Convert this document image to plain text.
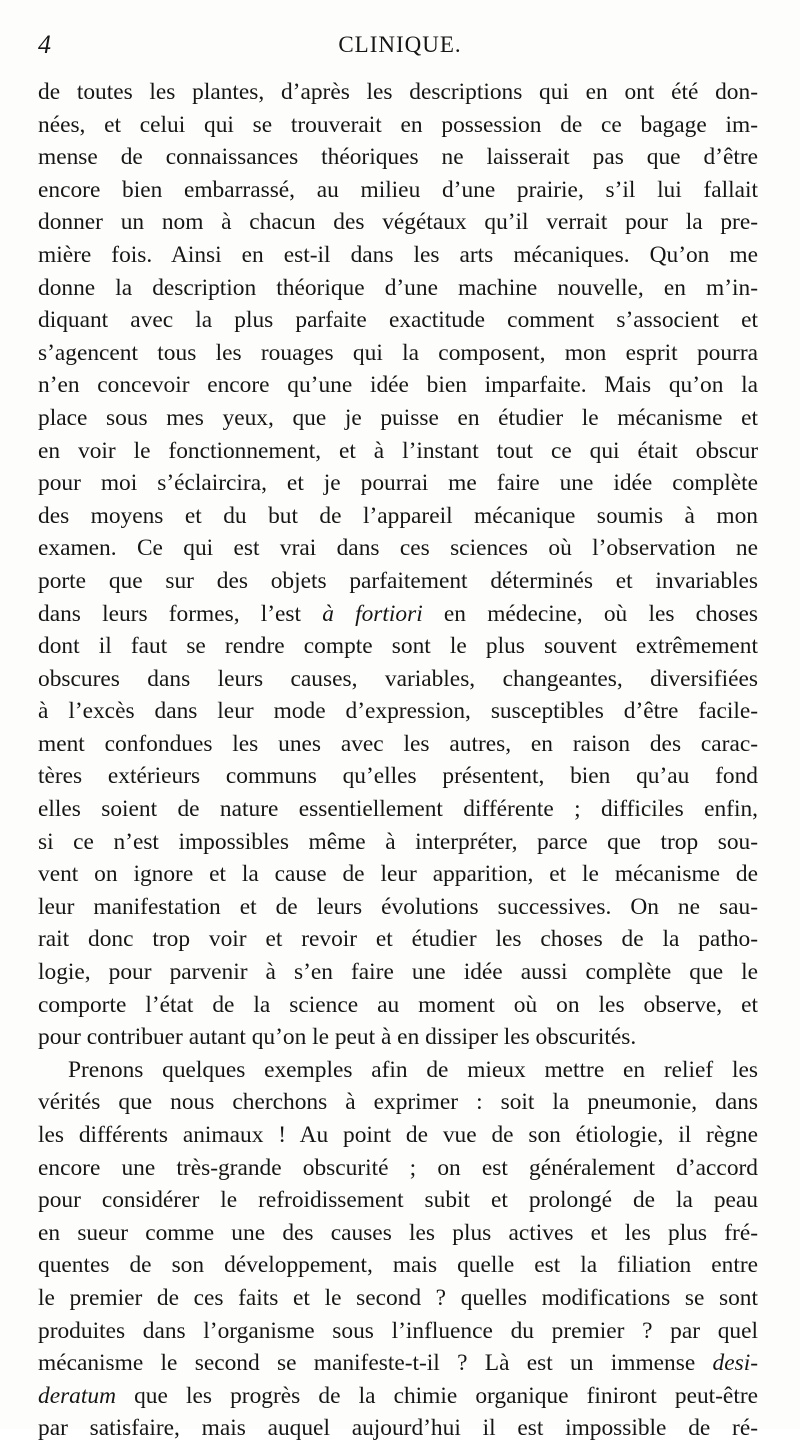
4	CLINIQUE.
de toutes les plantes, d’après les descriptions qui en ont été don-
nées, et celui qui se trouverait en possession de ce bagage im-
mense de connaissances théoriques ne laisserait pas que d’être
encore bien embarrassé, au milieu d’une prairie, s’il lui fallait
donner un nom à chacun des végétaux qu’il verrait pour la pre-
mière fois. Ainsi en est-il dans les arts mécaniques. Qu’on me
donne la description théorique d’une machine nouvelle, en m’in-
diquant avec la plus parfaite exactitude comment s’associent et
s’agencent tous les rouages qui la composent, mon esprit pourra
n’en concevoir encore qu’une idée bien imparfaite. Mais qu’on la
place sous mes yeux, que je puisse en étudier le mécanisme et
en voir le fonctionnement, et à l’instant tout ce qui était obscur
pour moi s’éclaircira, et je pourrai me faire une idée complète
des moyens et du but de l’appareil mécanique soumis à mon
examen. Ce qui est vrai dans ces sciences où l’observation ne
porte que sur des objets parfaitement déterminés et invariables
dans leurs formes, l’est à fortiori en médecine, où les choses
dont il faut se rendre compte sont le plus souvent extrêmement
obscures dans leurs causes, variables, changeantes, diversifiées
à l’excès dans leur mode d’expression, susceptibles d’être facile-
ment confondues les unes avec les autres, en raison des carac-
tères extérieurs communs qu’elles présentent, bien qu’au fond
elles soient de nature essentiellement différente ; difficiles enfin,
si ce n’est impossibles même à interpréter, parce que trop sou-
vent on ignore et la cause de leur apparition, et le mécanisme de
leur manifestation et de leurs évolutions successives. On ne sau-
rait donc trop voir et revoir et étudier les choses de la patho-
logie, pour parvenir à s’en faire une idée aussi complète que le
comporte l’état de la science au moment où on les observe, et
pour contribuer autant qu’on le peut à en dissiper les obscurités.
Prenons quelques exemples afin de mieux mettre en relief les
vérités que nous cherchons à exprimer : soit la pneumonie, dans
les différents animaux ! Au point de vue de son étiologie, il règne
encore une très-grande obscurité ; on est généralement d’accord
pour considérer le refroidissement subit et prolongé de la peau
en sueur comme une des causes les plus actives et les plus fré-
quentes de son développement, mais quelle est la filiation entre
le premier de ces faits et le second ? quelles modifications se sont
produites dans l’organisme sous l’influence du premier ? par quel
mécanisme le second se manifeste-t-il ? Là est un immense desi-
deratum que les progrès de la chimie organique finiront peut-être
par satisfaire, mais auquel aujourd’hui il est impossible de ré-
